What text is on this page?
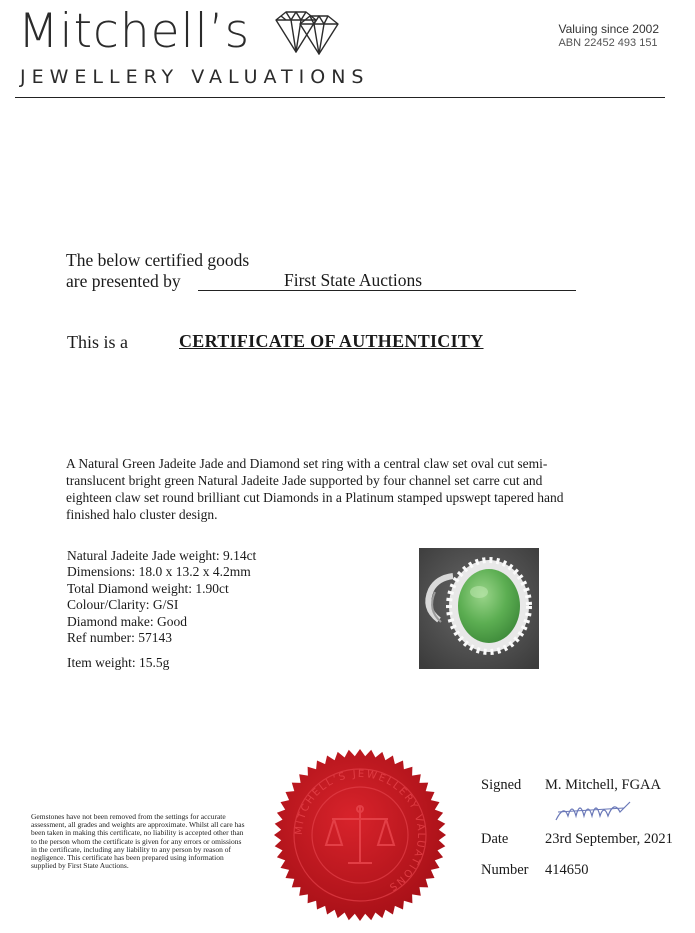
Mitchell’s
JEWELLERY VALUATIONS
Valuing since 2002
ABN 22452 493 151
The below certified goods
are presented by	First State Auctions
This is a	CERTIFICATE OF AUTHENTICITY
A Natural Green Jadeite Jade and Diamond set ring with a central claw set oval cut semi-translucent bright green Natural Jadeite Jade supported by four channel set carre cut and eighteen claw set round brilliant cut Diamonds in a Platinum stamped upswept tapered hand finished halo cluster design.
Natural Jadeite Jade weight: 9.14ct
Dimensions: 18.0 x 13.2 x 4.2mm
Total Diamond weight: 1.90ct
Colour/Clarity: G/SI
Diamond make: Good
Ref number: 57143
Item weight: 15.5g
Gemstones have not been removed from the settings for accurate assessment, all grades and weights are approximate. Whilst all care has been taken in making this certificate, no liability is accepted other than to the person whom the certificate is given for any errors or omissions in the certificate, including any liability to any person by reason of negligence. This certificate has been prepared using information supplied by First State Auctions.
MITCHELL’S JEWELLERY VALUATIONS
Signed M. Mitchell, FGAA
Date	23rd September, 2021
Number 414650
